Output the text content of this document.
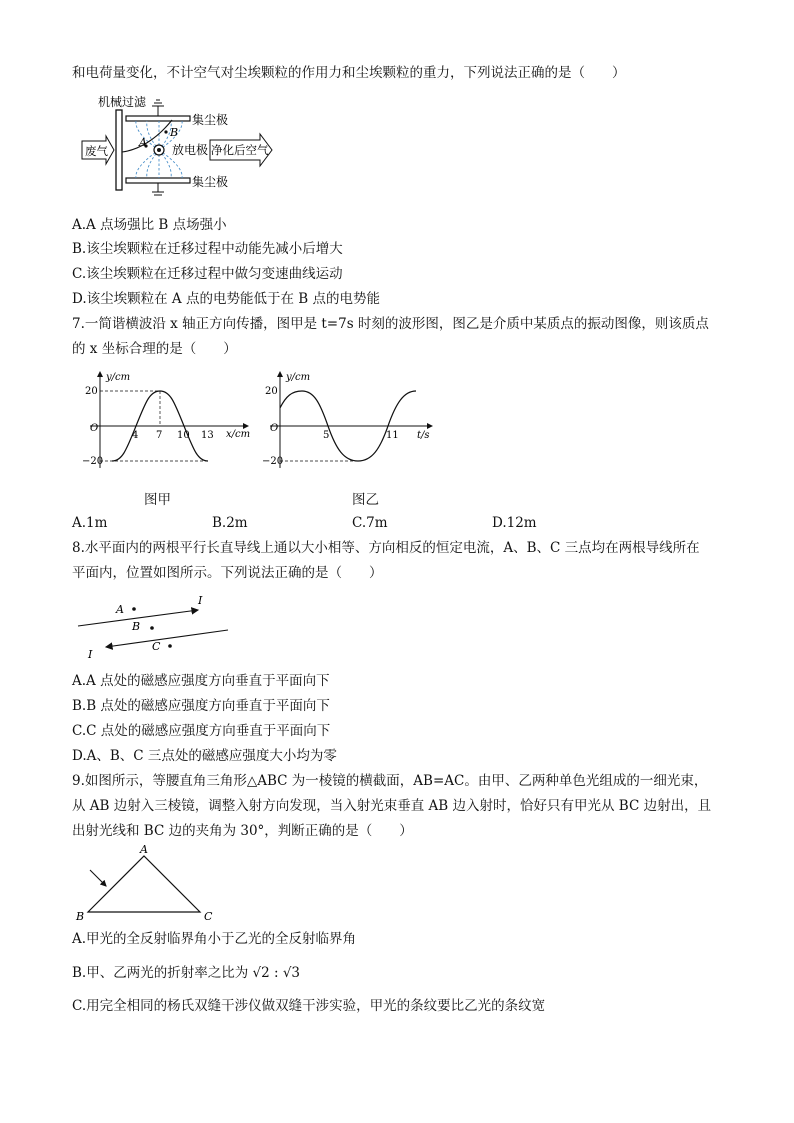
和电荷量变化，不计空气对尘埃颗粒的作用力和尘埃颗粒的重力，下列说法正确的是（　　）
机械过滤
集尘极
集尘极
放电极
A
B
废气	净化后空气
A.A 点场强比 B 点场强小
B.该尘埃颗粒在迁移过程中动能先减小后增大
C.该尘埃颗粒在迁移过程中做匀变速曲线运动
D.该尘埃颗粒在 A 点的电势能低于在 B 点的电势能
7.一简谐横波沿 x 轴正方向传播，图甲是 t=7s 时刻的波形图，图乙是介质中某质点的振动图像，则该质点
的 x 坐标合理的是（　　）
y/cm
x/cm
O
20
−20
4 7 10 13
y/cm
t/s
O
20
−20
5	11
图甲	图乙
A.1m	B.2m	C.7m	D.12m
8.水平面内的两根平行长直导线上通以大小相等、方向相反的恒定电流，A、B、C 三点均在两根导线所在
平面内，位置如图所示。下列说法正确的是（　　）
I
I
A
B
C
A.A 点处的磁感应强度方向垂直于平面向下
B.B 点处的磁感应强度方向垂直于平面向下
C.C 点处的磁感应强度方向垂直于平面向下
D.A、B、C 三点处的磁感应强度大小均为零
9.如图所示，等腰直角三角形△ABC 为一棱镜的横截面，AB=AC。由甲、乙两种单色光组成的一细光束，
从 AB 边射入三棱镜，调整入射方向发现，当入射光束垂直 AB 边入射时，恰好只有甲光从 BC 边射出，且
出射光线和 BC 边的夹角为 30°，判断正确的是（　　）
A
B	C
A.甲光的全反射临界角小于乙光的全反射临界角
B.甲、乙两光的折射率之比为 √2 : √3
C.用完全相同的杨氏双缝干涉仪做双缝干涉实验，甲光的条纹要比乙光的条纹宽
